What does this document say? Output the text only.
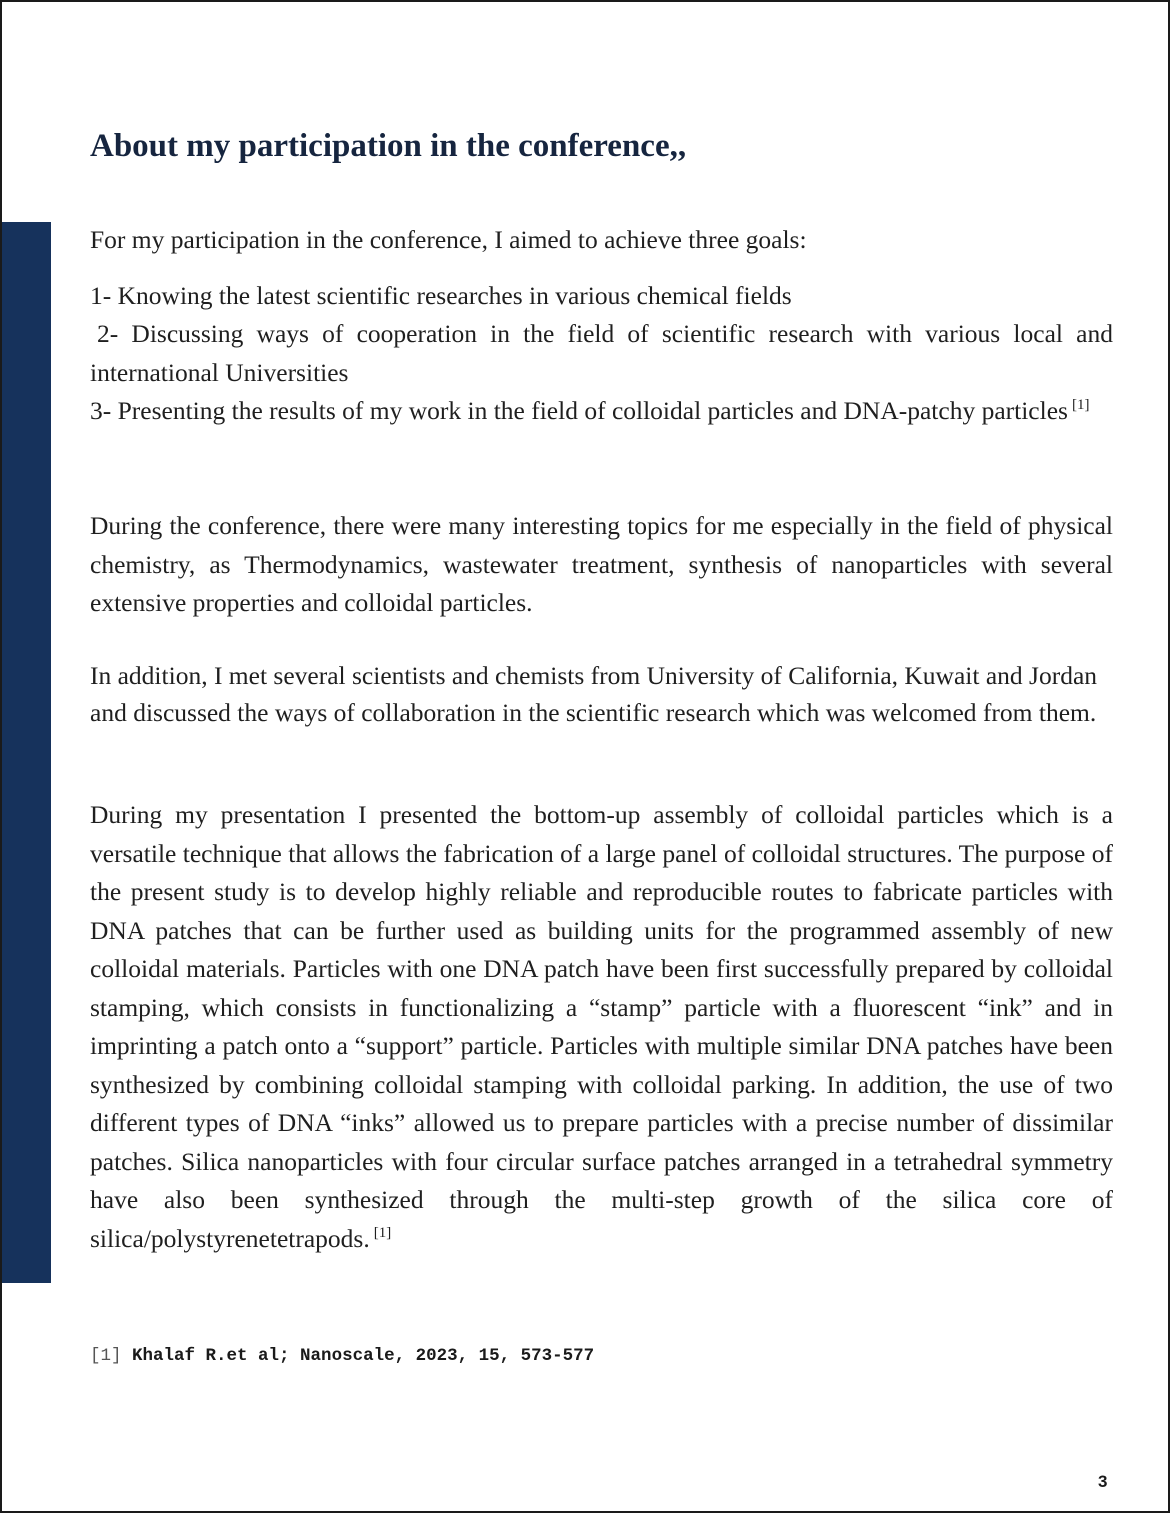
About my participation in the conference,,

For my participation in the conference, I aimed to achieve three goals:

1- Knowing the latest scientific researches in various chemical fields

2- Discussing ways of cooperation in the field of scientific research with various local and international Universities

3- Presenting the results of my work in the field of colloidal particles and DNA-patchy particles [1]

During the conference, there were many interesting topics for me especially in the field of physical chemistry, as Thermodynamics, wastewater treatment, synthesis of nanoparticles with several extensive properties and colloidal particles.

In addition, I met several scientists and chemists from University of California, Kuwait and Jordan and discussed the ways of collaboration in the scientific research which was welcomed from them.

During my presentation I presented the bottom-up assembly of colloidal particles which is a versatile technique that allows the fabrication of a large panel of colloidal structures. The purpose of the present study is to develop highly reliable and reproducible routes to fabricate particles with DNA patches that can be further used as building units for the programmed assembly of new colloidal materials. Particles with one DNA patch have been first successfully prepared by colloidal stamping, which consists in functionalizing a “stamp” particle with a fluorescent “ink” and in imprinting a patch onto a “support” particle. Particles with multiple similar DNA patches have been synthesized by combining colloidal stamping with colloidal parking. In addition, the use of two different types of DNA “inks” allowed us to prepare particles with a precise number of dissimilar patches. Silica nanoparticles with four circular surface patches arranged in a tetrahedral symmetry have also been synthesized through the multi-step growth of the silica core of silica/polystyrenetetrapods. [1]

[1] Khalaf R.et al; Nanoscale, 2023, 15, 573-577
3
